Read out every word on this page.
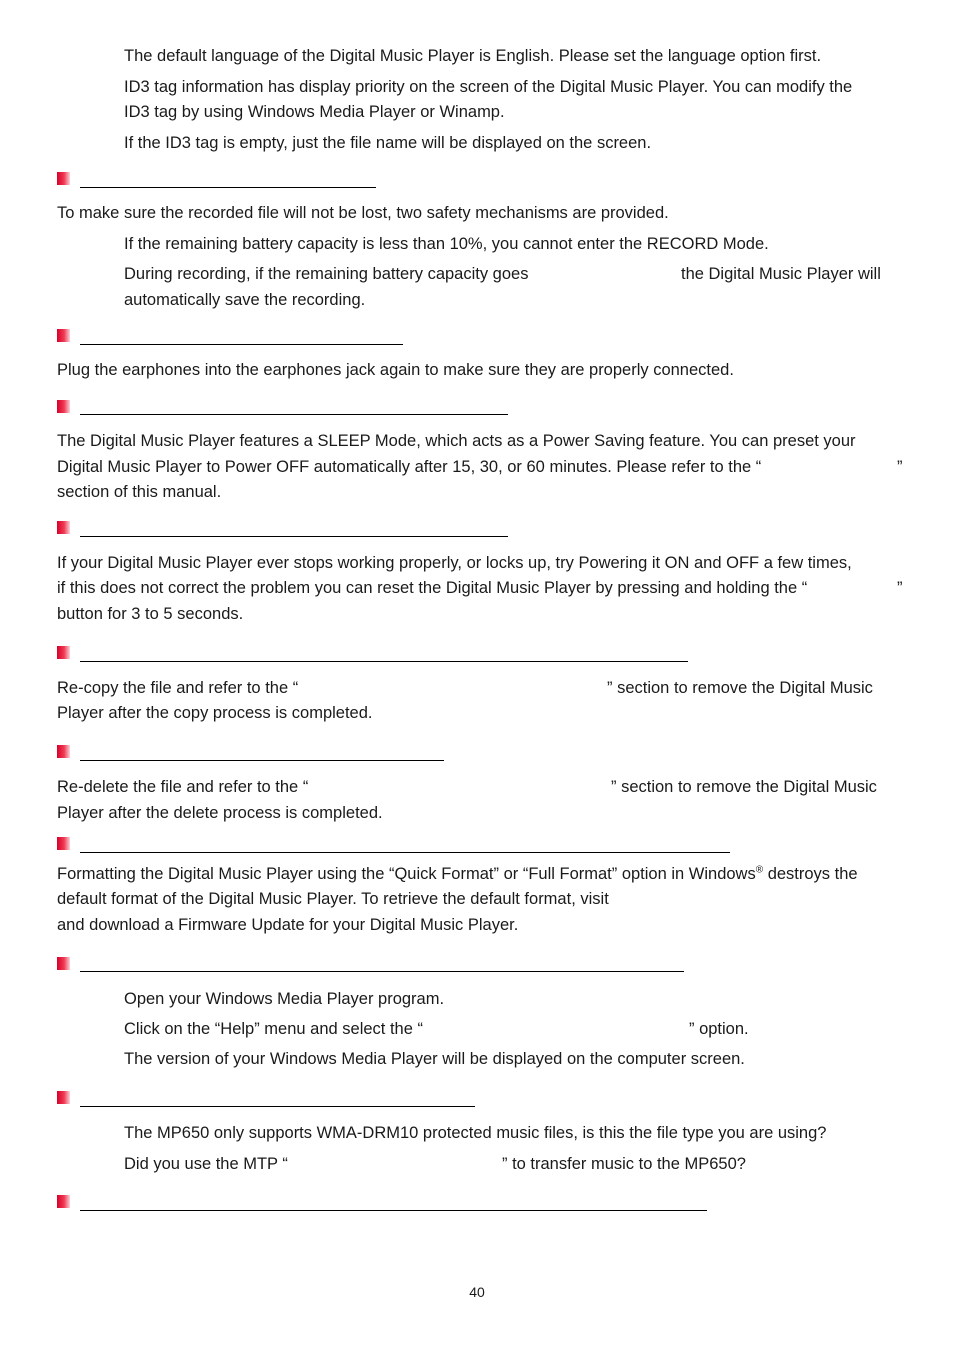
The default language of the Digital Music Player is English. Please set the language option first.

ID3 tag information has display priority on the screen of the Digital Music Player. You can modify the

ID3 tag by using Windows Media Player or Winamp.

If the ID3 tag is empty, just the file name will be displayed on the screen.

To make sure the recorded file will not be lost, two safety mechanisms are provided.

If the remaining battery capacity is less than 10%, you cannot enter the RECORD Mode.

During recording, if the remaining battery capacity goes	the Digital Music Player will

automatically save the recording.

Plug the earphones into the earphones jack again to make sure they are properly connected.

The Digital Music Player features a SLEEP Mode, which acts as a Power Saving feature. You can preset your

Digital Music Player to Power OFF automatically after 15, 30, or 60 minutes. Please refer to the “	”

section of this manual.

If your Digital Music Player ever stops working properly, or locks up, try Powering it ON and OFF a few times,

if this does not correct the problem you can reset the Digital Music Player by pressing and holding the “	”

button for 3 to 5 seconds.

Re-copy the file and refer to the “	” section to remove the Digital Music

Player after the copy process is completed.

Re-delete the file and refer to the “	” section to remove the Digital Music

Player after the delete process is completed.

Formatting the Digital Music Player using the “Quick Format” or “Full Format” option in Windows® destroys the

default format of the Digital Music Player. To retrieve the default format, visit

and download a Firmware Update for your Digital Music Player.

Open your Windows Media Player program.

Click on the “Help” menu and select the “	” option.

The version of your Windows Media Player will be displayed on the computer screen.

The MP650 only supports WMA-DRM10 protected music files, is this the file type you are using?

Did you use the MTP “	” to transfer music to the MP650?

40
